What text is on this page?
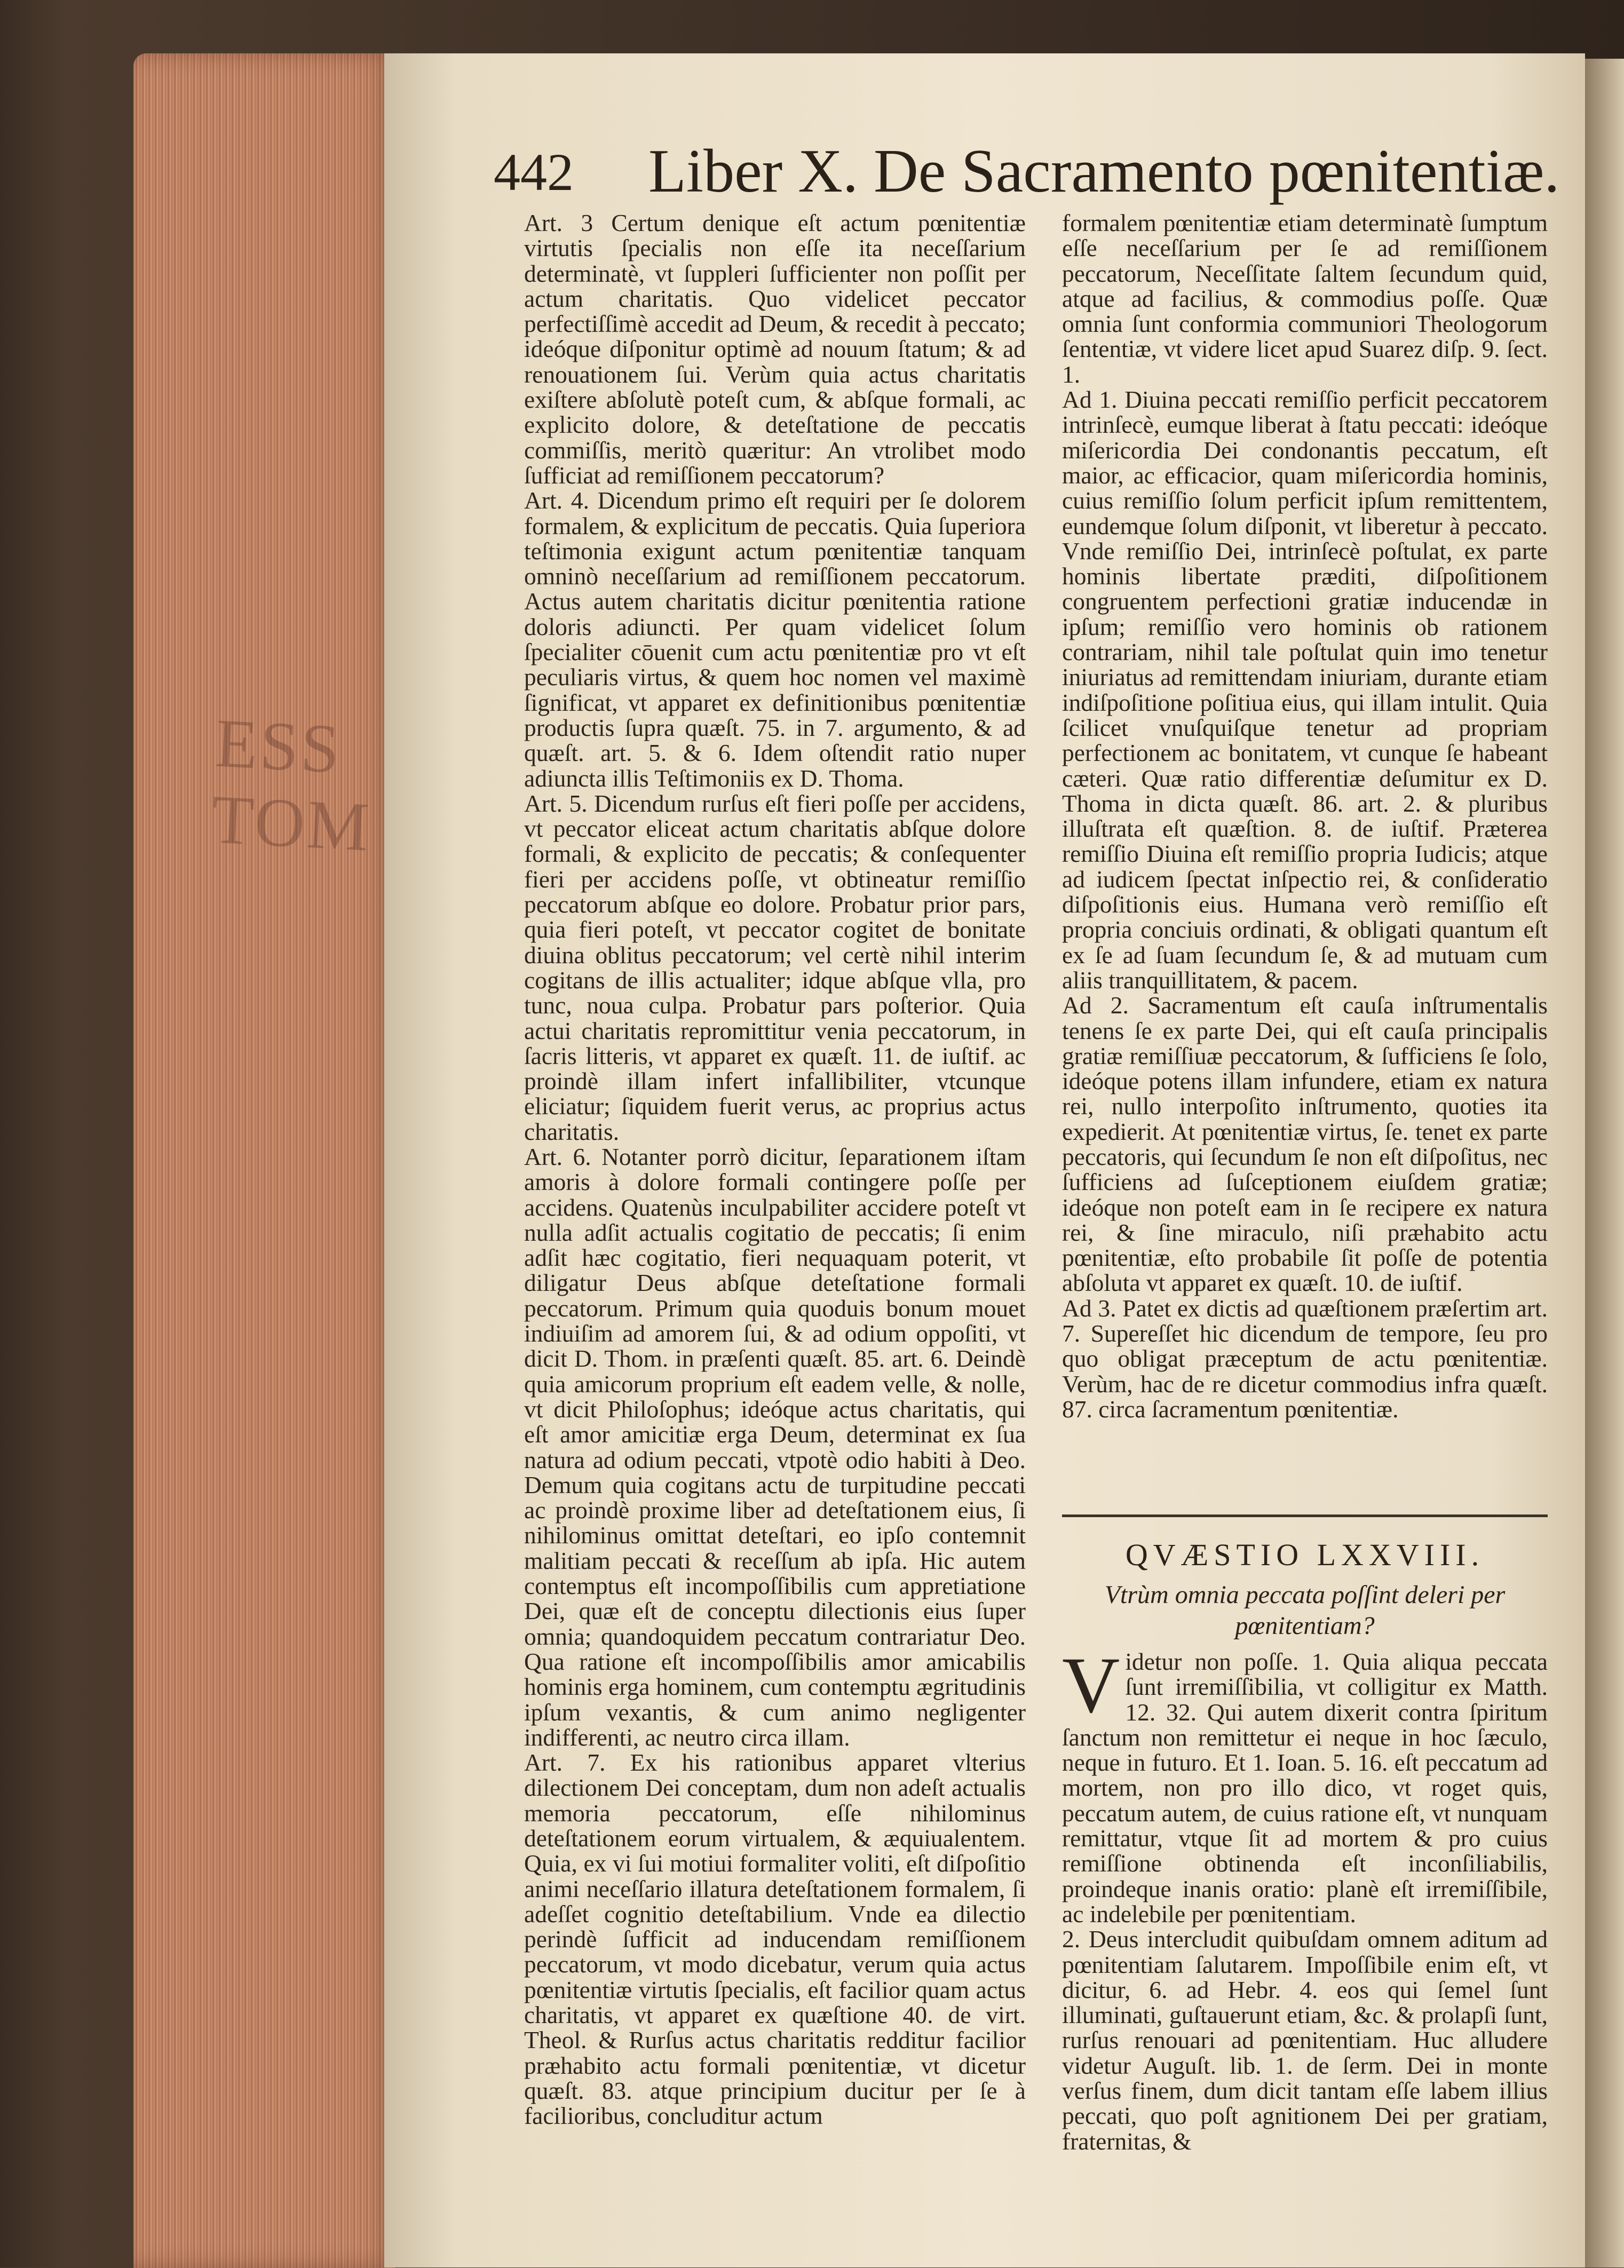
ESS
TOM
442 Liber X. De Sacramento pœnitentiæ.

Art. 3 Certum denique eſt actum pœnitentiæ virtutis ſpecialis non eſſe ita neceſſarium determinatè, vt ſuppleri ſufficienter non poſſit per actum charitatis. Quo videlicet peccator perfectiſſimè accedit ad Deum, & recedit à peccato; ideóque diſponitur optimè ad nouum ſtatum; & ad renouationem ſui. Verùm quia actus charitatis exiſtere abſolutè poteſt cum, & abſque formali, ac explicito dolore, & deteſtatione de peccatis commiſſis, meritò quæritur: An vtrolibet modo ſufficiat ad remiſſionem peccatorum?

Art. 4. Dicendum primo eſt requiri per ſe dolorem formalem, & explicitum de peccatis. Quia ſuperiora teſtimonia exigunt actum pœnitentiæ tanquam omninò neceſſarium ad remiſſionem peccatorum. Actus autem charitatis dicitur pœnitentia ratione doloris adiuncti. Per quam videlicet ſolum ſpecialiter cōuenit cum actu pœnitentiæ pro vt eſt peculiaris virtus, & quem hoc nomen vel maximè ſignificat, vt apparet ex definitionibus pœnitentiæ productis ſupra quæſt. 75. in 7. argumento, & ad quæſt. art. 5. & 6. Idem oſtendit ratio nuper adiuncta illis Teſtimoniis ex D. Thoma.

Art. 5. Dicendum rurſus eſt fieri poſſe per accidens, vt peccator eliceat actum charitatis abſque dolore formali, & explicito de peccatis; & conſequenter fieri per accidens poſſe, vt obtineatur remiſſio peccatorum abſque eo dolore. Probatur prior pars, quia fieri poteſt, vt peccator cogitet de bonitate diuina oblitus peccatorum; vel certè nihil interim cogitans de illis actualiter; idque abſque vlla, pro tunc, noua culpa. Probatur pars poſterior. Quia actui charitatis repromittitur venia peccatorum, in ſacris litteris, vt apparet ex quæſt. 11. de iuſtif. ac proindè illam infert infallibiliter, vtcunque eliciatur; ſiquidem fuerit verus, ac proprius actus charitatis.

Art. 6. Notanter porrò dicitur, ſeparationem iſtam amoris à dolore formali contingere poſſe per accidens. Quatenùs inculpabiliter accidere poteſt vt nulla adſit actualis cogitatio de peccatis; ſi enim adſit hæc cogitatio, fieri nequaquam poterit, vt diligatur Deus abſque deteſtatione formali peccatorum. Primum quia quoduis bonum mouet indiuiſim ad amorem ſui, & ad odium oppoſiti, vt dicit D. Thom. in præſenti quæſt. 85. art. 6. Deindè quia amicorum proprium eſt eadem velle, & nolle, vt dicit Philoſophus; ideóque actus charitatis, qui eſt amor amicitiæ erga Deum, determinat ex ſua natura ad odium peccati, vtpotè odio habiti à Deo. Demum quia cogitans actu de turpitudine peccati ac proindè proxime liber ad deteſtationem eius, ſi nihilominus omittat deteſtari, eo ipſo contemnit malitiam peccati & receſſum ab ipſa. Hic autem contemptus eſt incompoſſibilis cum appretiatione Dei, quæ eſt de conceptu dilectionis eius ſuper omnia; quandoquidem peccatum contrariatur Deo. Qua ratione eſt incompoſſibilis amor amicabilis hominis erga hominem, cum contemptu ægritudinis ipſum vexantis, & cum animo negligenter indifferenti, ac neutro circa illam.

Art. 7. Ex his rationibus apparet vlterius dilectionem Dei conceptam, dum non adeſt actualis memoria peccatorum, eſſe nihilominus deteſtationem eorum virtualem, & æquiualentem. Quia, ex vi ſui motiui formaliter voliti, eſt diſpoſitio animi neceſſario illatura deteſtationem formalem, ſi adeſſet cognitio deteſtabilium. Vnde ea dilectio perindè ſufficit ad inducendam remiſſionem peccatorum, vt modo dicebatur, verum quia actus pœnitentiæ virtutis ſpecialis, eſt facilior quam actus charitatis, vt apparet ex quæſtione 40. de virt. Theol. & Rurſus actus charitatis redditur facilior præhabito actu formali pœnitentiæ, vt dicetur quæſt. 83. atque principium ducitur per ſe à facilioribus, concluditur actum

formalem pœnitentiæ etiam determinatè ſumptum eſſe neceſſarium per ſe ad remiſſionem peccatorum, Neceſſitate ſaltem ſecundum quid, atque ad facilius, & commodius poſſe. Quæ omnia ſunt conformia communiori Theologorum ſententiæ, vt videre licet apud Suarez diſp. 9. ſect. 1.

Ad 1. Diuina peccati remiſſio perficit peccatorem intrinſecè, eumque liberat à ſtatu peccati: ideóque miſericordia Dei condonantis peccatum, eſt maior, ac efficacior, quam miſericordia hominis, cuius remiſſio ſolum perficit ipſum remittentem, eundemque ſolum diſponit, vt liberetur à peccato. Vnde remiſſio Dei, intrinſecè poſtulat, ex parte hominis libertate præditi, diſpoſitionem congruentem perfectioni gratiæ inducendæ in ipſum; remiſſio vero hominis ob rationem contrariam, nihil tale poſtulat quin imo tenetur iniuriatus ad remittendam iniuriam, durante etiam indiſpoſitione poſitiua eius, qui illam intulit. Quia ſcilicet vnuſquiſque tenetur ad propriam perfectionem ac bonitatem, vt cunque ſe habeant cæteri. Quæ ratio differentiæ deſumitur ex D. Thoma in dicta quæſt. 86. art. 2. & pluribus illuſtrata eſt quæſtion. 8. de iuſtif. Præterea remiſſio Diuina eſt remiſſio propria Iudicis; atque ad iudicem ſpectat inſpectio rei, & conſideratio diſpoſitionis eius. Humana verò remiſſio eſt propria conciuis ordinati, & obligati quantum eſt ex ſe ad ſuam ſecundum ſe, & ad mutuam cum aliis tranquillitatem, & pacem.

Ad 2. Sacramentum eſt cauſa inſtrumentalis tenens ſe ex parte Dei, qui eſt cauſa principalis gratiæ remiſſiuæ peccatorum, & ſufficiens ſe ſolo, ideóque potens illam infundere, etiam ex natura rei, nullo interpoſito inſtrumento, quoties ita expedierit. At pœnitentiæ virtus, ſe. tenet ex parte peccatoris, qui ſecundum ſe non eſt diſpoſitus, nec ſufficiens ad ſuſceptionem eiuſdem gratiæ; ideóque non poteſt eam in ſe recipere ex natura rei, & ſine miraculo, niſi præhabito actu pœnitentiæ, eſto probabile ſit poſſe de potentia abſoluta vt apparet ex quæſt. 10. de iuſtif.

Ad 3. Patet ex dictis ad quæſtionem præſertim art. 7. Supereſſet hic dicendum de tempore, ſeu pro quo obligat præceptum de actu pœnitentiæ. Verùm, hac de re dicetur commodius infra quæſt. 87. circa ſacramentum pœnitentiæ.

QVÆSTIO LXXVIII.
Vtrùm omnia peccata poſſint deleri per pœnitentiam?

Videtur non poſſe. 1. Quia aliqua peccata ſunt irremiſſibilia, vt colligitur ex Matth. 12. 32. Qui autem dixerit contra ſpiritum ſanctum non remittetur ei neque in hoc ſæculo, neque in futuro. Et 1. Ioan. 5. 16. eſt peccatum ad mortem, non pro illo dico, vt roget quis, peccatum autem, de cuius ratione eſt, vt nunquam remittatur, vtque ſit ad mortem & pro cuius remiſſione obtinenda eſt inconſiliabilis, proindeque inanis oratio: planè eſt irremiſſibile, ac indelebile per pœnitentiam.

2. Deus intercludit quibuſdam omnem aditum ad pœnitentiam ſalutarem. Impoſſibile enim eſt, vt dicitur, 6. ad Hebr. 4. eos qui ſemel ſunt illuminati, guſtauerunt etiam, &c. & prolapſi ſunt, rurſus renouari ad pœnitentiam. Huc alludere videtur Auguſt. lib. 1. de ſerm. Dei in monte verſus finem, dum dicit tantam eſſe labem illius peccati, quo poſt agnitionem Dei per gratiam, fraternitas, &
